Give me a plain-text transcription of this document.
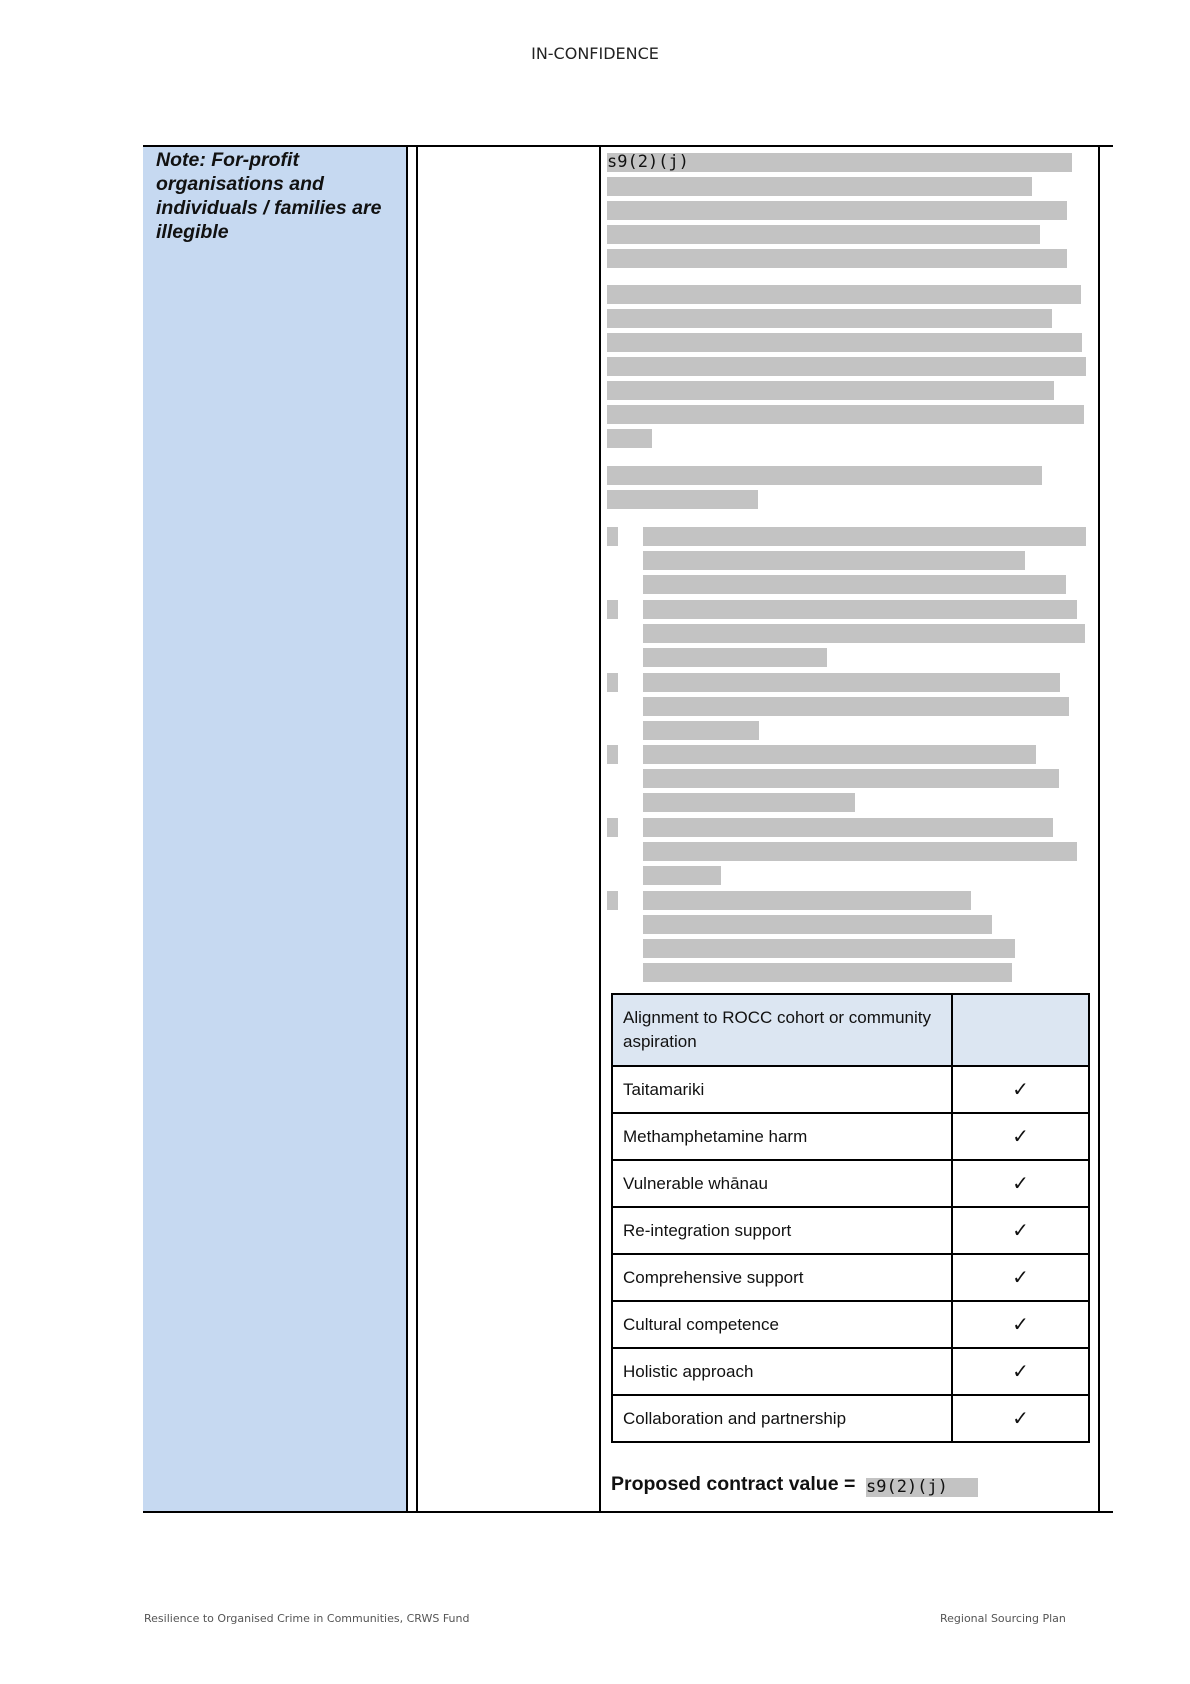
IN-CONFIDENCE
Note: For-profit organisations and individuals / families are illegible
s9(2)(j)
Alignment to ROCC cohort or community aspiration	
Taitamariki	✓
Methamphetamine harm	✓
Vulnerable whānau	✓
Re-integration support	✓
Comprehensive support	✓
Cultural competence	✓
Holistic approach	✓
Collaboration and partnership	✓
Proposed contract value = s9(2)(j)
Resilience to Organised Crime in Communities, CRWS Fund	Regional Sourcing Plan
